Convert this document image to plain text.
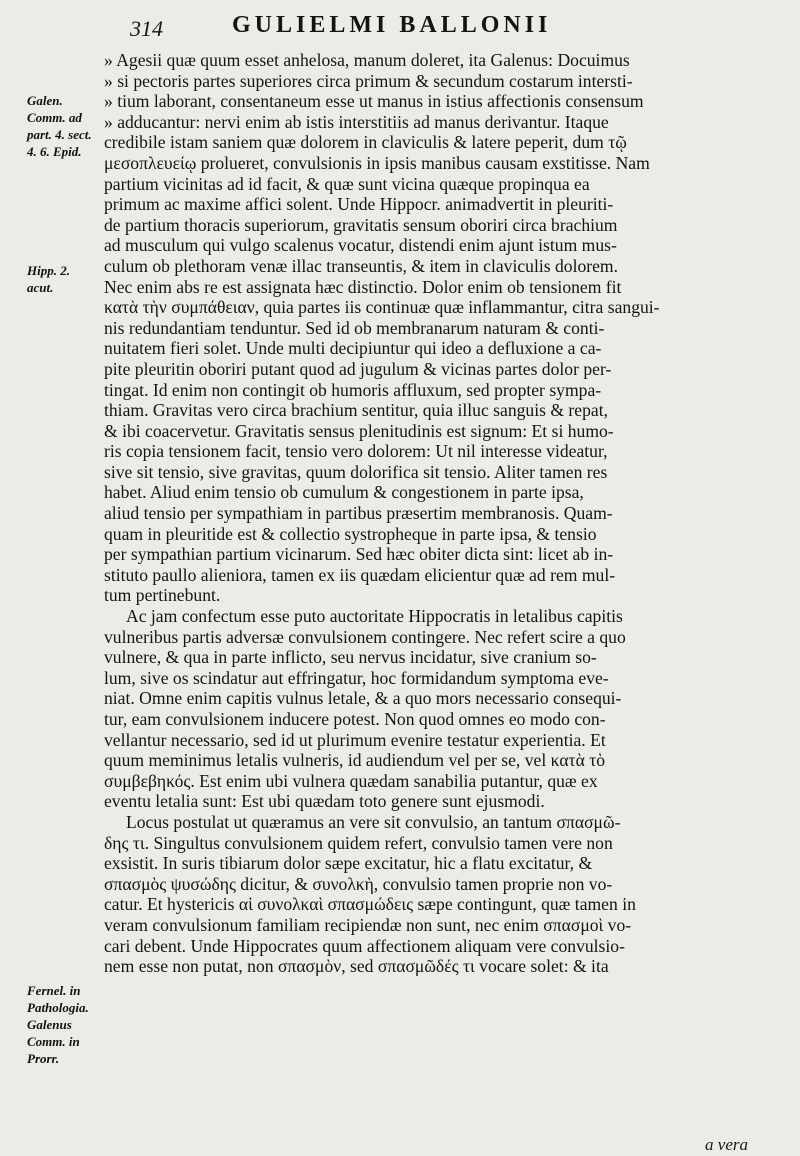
314	GULIELMI BALLONII
Galen. Comm. ad part. 4. sect. 4. 6. Epid.
Hipp. 2. acut.
Fernel. in Pathologia. Galenus Comm. in Prorr.
» Agesii quæ quum esset anhelosa, manum doleret, ita Galenus: Docuimus
» si pectoris partes superiores circa primum & secundum costarum intersti-
» tium laborant, consentaneum esse ut manus in istius affectionis consensum
» adducantur: nervi enim ab istis interstitiis ad manus derivantur. Itaque
credibile istam saniem quæ dolorem in claviculis & latere peperit, dum τῷ
μεσοπλευείῳ prolueret, convulsionis in ipsis manibus causam exstitisse. Nam
partium vicinitas ad id facit, & quæ sunt vicina quæque propinqua ea
primum ac maxime affici solent. Unde Hippocr. animadvertit in pleuriti-
de partium thoracis superiorum, gravitatis sensum oboriri circa brachium
ad musculum qui vulgo scalenus vocatur, distendi enim ajunt istum mus-
culum ob plethoram venæ illac transeuntis, & item in claviculis dolorem.
Nec enim abs re est assignata hæc distinctio. Dolor enim ob tensionem fit
κατὰ τὴν συμπάθειαν, quia partes iis continuæ quæ inflammantur, citra sangui-
nis redundantiam tenduntur. Sed id ob membranarum naturam & conti-
nuitatem fieri solet. Unde multi decipiuntur qui ideo a defluxione a ca-
pite pleuritin oboriri putant quod ad jugulum & vicinas partes dolor per-
tingat. Id enim non contingit ob humoris affluxum, sed propter sympa-
thiam. Gravitas vero circa brachium sentitur, quia illuc sanguis & repat,
& ibi coacervetur. Gravitatis sensus plenitudinis est signum: Et si humo-
ris copia tensionem facit, tensio vero dolorem: Ut nil interesse videatur,
sive sit tensio, sive gravitas, quum dolorifica sit tensio. Aliter tamen res
habet. Aliud enim tensio ob cumulum & congestionem in parte ipsa,
aliud tensio per sympathiam in partibus præsertim membranosis. Quam-
quam in pleuritide est & collectio systropheque in parte ipsa, & tensio
per sympathian partium vicinarum. Sed hæc obiter dicta sint: licet ab in-
stituto paullo alieniora, tamen ex iis quædam elicientur quæ ad rem mul-
tum pertinebunt.
Ac jam confectum esse puto auctoritate Hippocratis in letalibus capitis
vulneribus partis adversæ convulsionem contingere. Nec refert scire a quo
vulnere, & qua in parte inflicto, seu nervus incidatur, sive cranium so-
lum, sive os scindatur aut effringatur, hoc formidandum symptoma eve-
niat. Omne enim capitis vulnus letale, & a quo mors necessario consequi-
tur, eam convulsionem inducere potest. Non quod omnes eo modo con-
vellantur necessario, sed id ut plurimum evenire testatur experientia. Et
quum meminimus letalis vulneris, id audiendum vel per se, vel κατὰ τὸ
συμβεβηκός. Est enim ubi vulnera quædam sanabilia putantur, quæ ex
eventu letalia sunt: Est ubi quædam toto genere sunt ejusmodi.
Locus postulat ut quæramus an vere sit convulsio, an tantum σπασμῶ-
δης τι. Singultus convulsionem quidem refert, convulsio tamen vere non
exsistit. In suris tibiarum dolor sæpe excitatur, hic a flatu excitatur, &
σπασμὸς ψυσώδης dicitur, & συνολκὴ, convulsio tamen proprie non vo-
catur. Et hystericis αἱ συνολκαὶ σπασμώδεις sæpe contingunt, quæ tamen in
veram convulsionum familiam recipiendæ non sunt, nec enim σπασμοὶ vo-
cari debent. Unde Hippocrates quum affectionem aliquam vere convulsio-
nem esse non putat, non σπασμὸν, sed σπασμῶδές τι vocare solet: & ita
a vera
